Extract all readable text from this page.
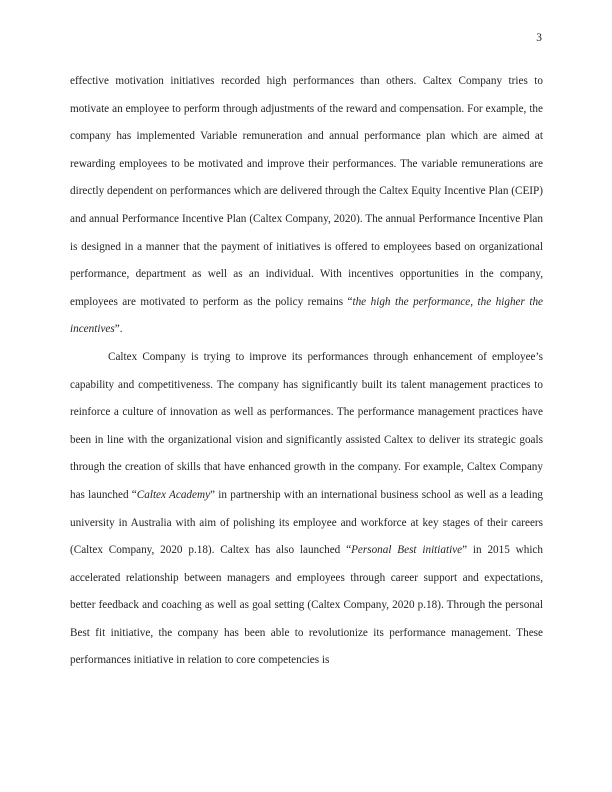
3

effective motivation initiatives recorded high performances than others. Caltex Company tries to motivate an employee to perform through adjustments of the reward and compensation. For example, the company has implemented Variable remuneration and annual performance plan which are aimed at rewarding employees to be motivated and improve their performances. The variable remunerations are directly dependent on performances which are delivered through the Caltex Equity Incentive Plan (CEIP) and annual Performance Incentive Plan (Caltex Company, 2020). The annual Performance Incentive Plan is designed in a manner that the payment of initiatives is offered to employees based on organizational performance, department as well as an individual. With incentives opportunities in the company, employees are motivated to perform as the policy remains “the high the performance, the higher the incentives”.

Caltex Company is trying to improve its performances through enhancement of employee’s capability and competitiveness. The company has significantly built its talent management practices to reinforce a culture of innovation as well as performances. The performance management practices have been in line with the organizational vision and significantly assisted Caltex to deliver its strategic goals through the creation of skills that have enhanced growth in the company. For example, Caltex Company has launched “Caltex Academy” in partnership with an international business school as well as a leading university in Australia with aim of polishing its employee and workforce at key stages of their careers (Caltex Company, 2020 p.18). Caltex has also launched “Personal Best initiative” in 2015 which accelerated relationship between managers and employees through career support and expectations, better feedback and coaching as well as goal setting (Caltex Company, 2020 p.18). Through the personal Best fit initiative, the company has been able to revolutionize its performance management. These performances initiative in relation to core competencies is
